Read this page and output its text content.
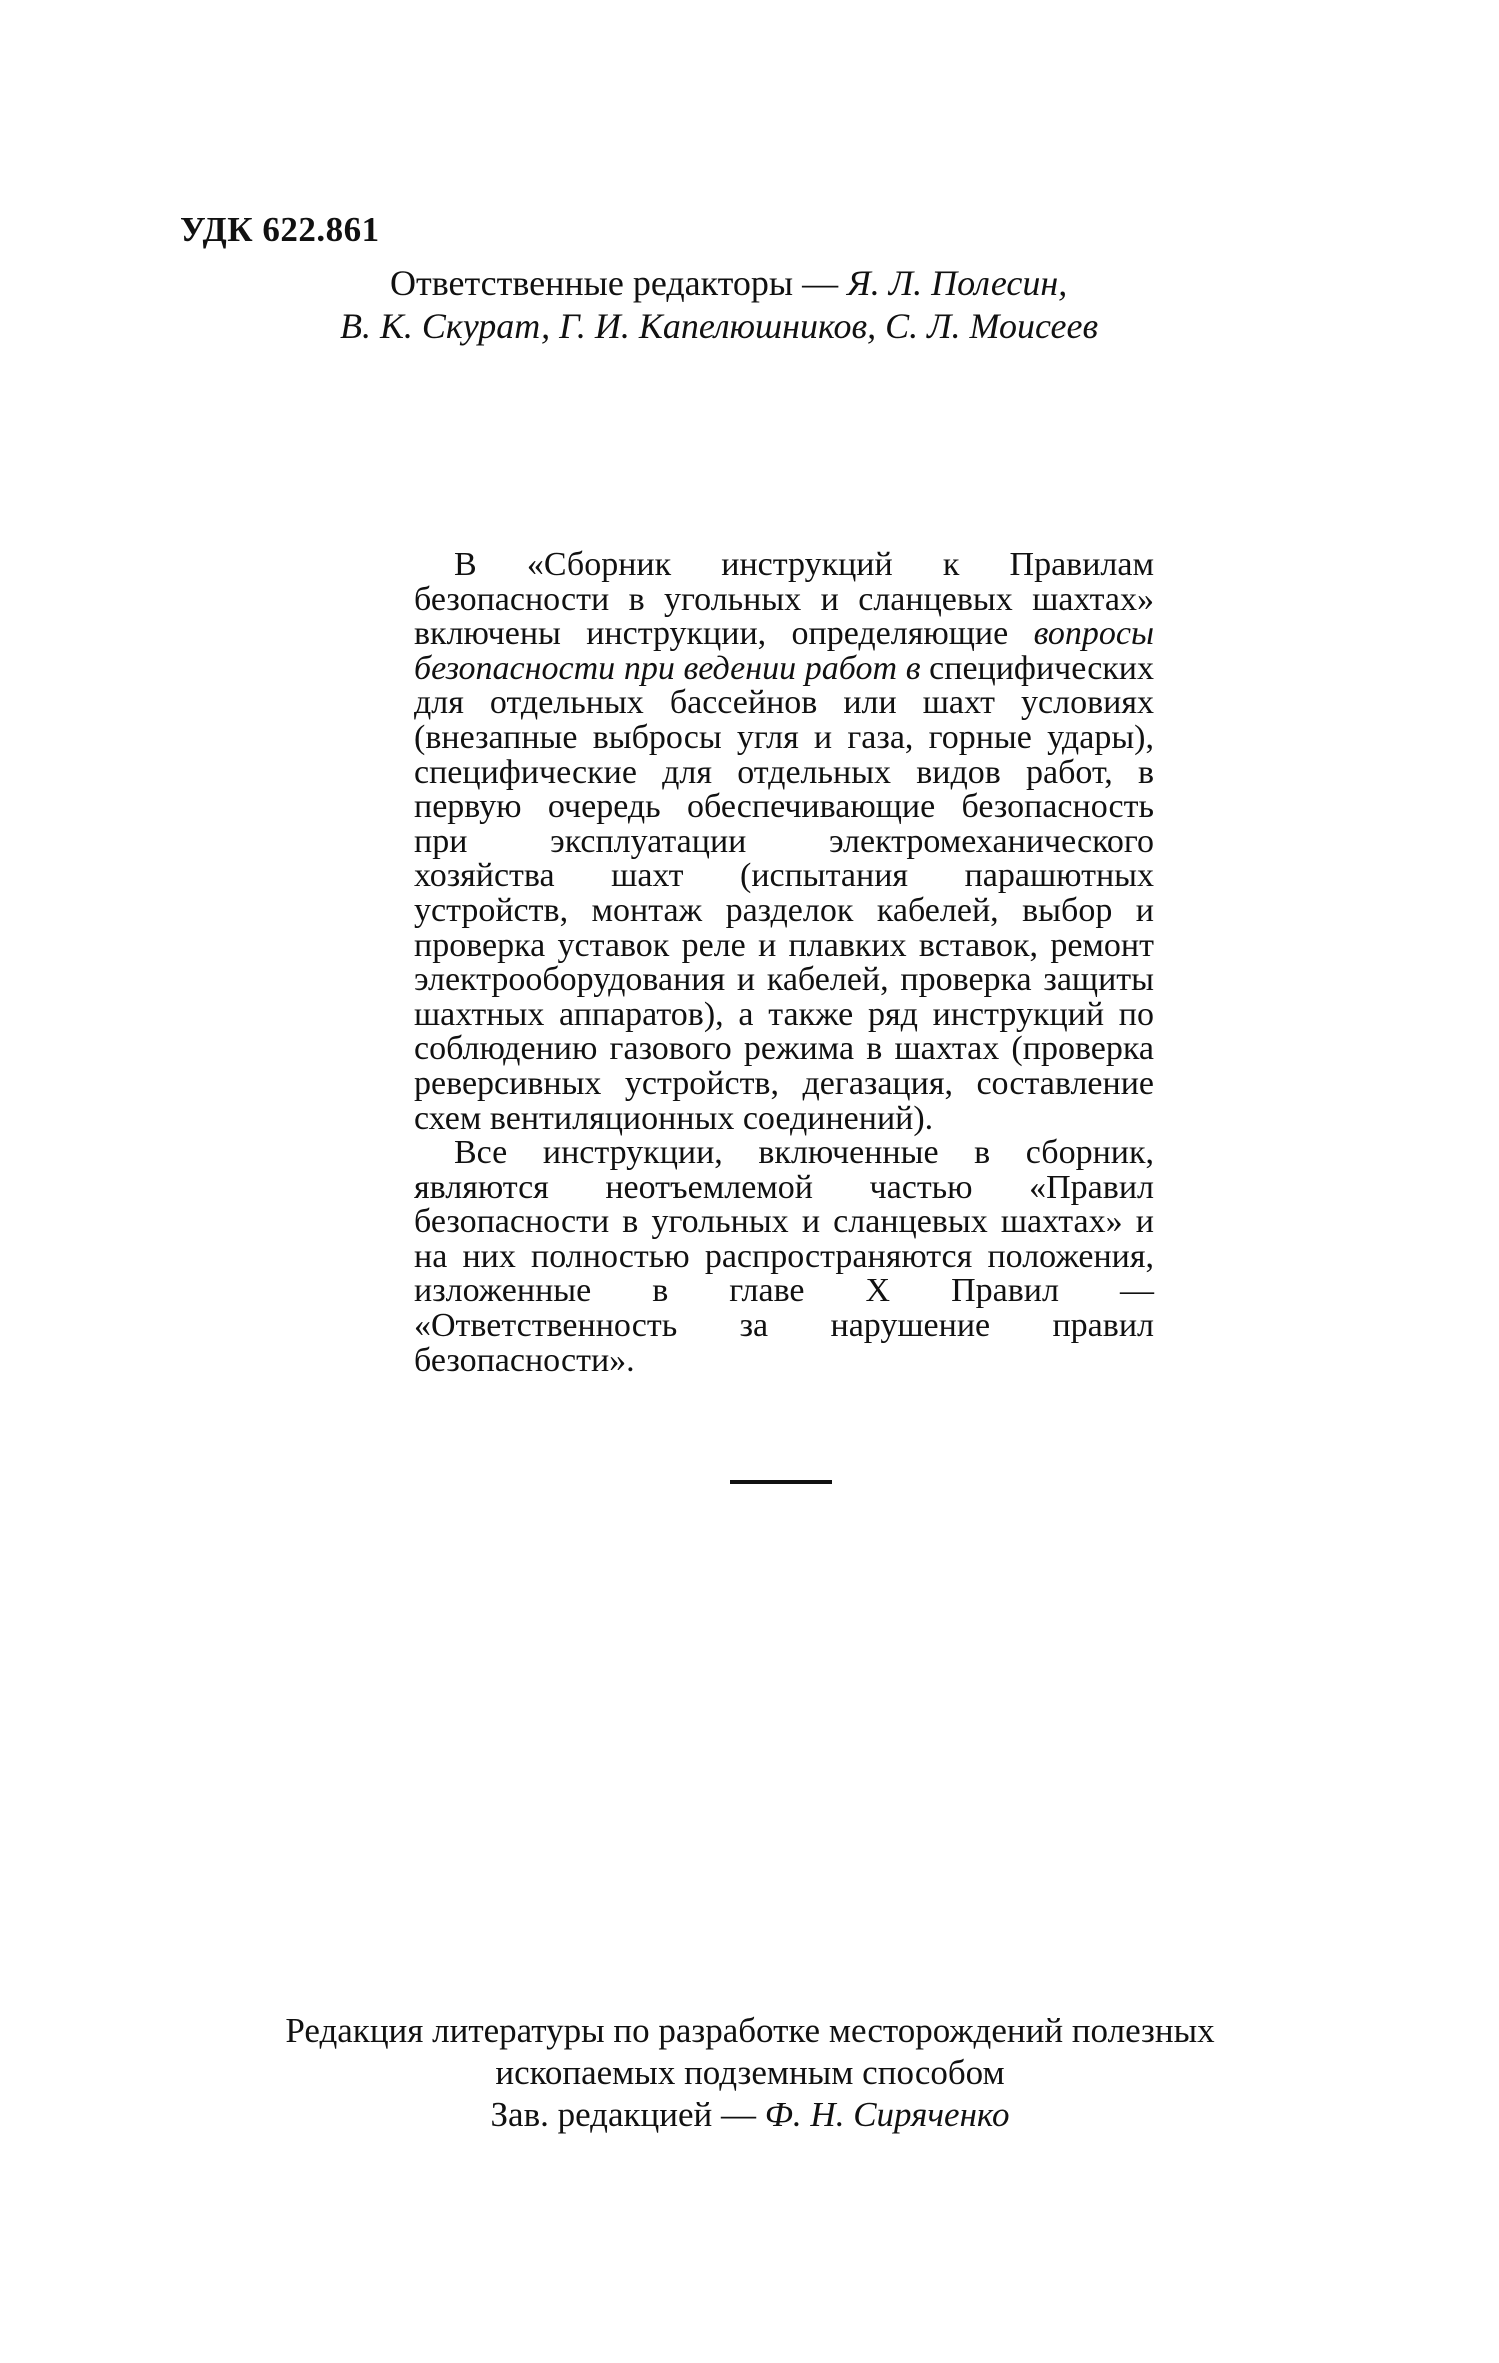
УДК 622.861
Ответственные редакторы — Я. Л. Полесин,
В. К. Скурат, Г. И. Капелюшников, С. Л. Моисеев

В «Сборник инструкций к Правилам безопасности в угольных и сланцевых шахтах» включены инструкции, определяющие вопросы безопасности при ведении работ в специфических для отдельных бассейнов или шахт условиях (внезапные выбросы угля и газа, горные удары), специфические для отдельных видов работ, в первую очередь обеспечивающие безопасность при эксплуатации электромеханического хозяйства шахт (испытания парашютных устройств, монтаж разделок кабелей, выбор и проверка уставок реле и плавких вставок, ремонт электрооборудования и кабелей, проверка защиты шахтных аппаратов), а также ряд инструкций по соблюдению газового режима в шахтах (проверка реверсивных устройств, дегазация, составление схем вентиляционных соединений).

Все инструкции, включенные в сборник, являются неотъемлемой частью «Правил безопасности в угольных и сланцевых шахтах» и на них полностью распространяются положения, изложенные в главе X Правил — «Ответственность за нарушение правил безопасности».

Редакция литературы по разработке месторождений полезных
ископаемых подземным способом
Зав. редакцией — Ф. Н. Сиряченко
